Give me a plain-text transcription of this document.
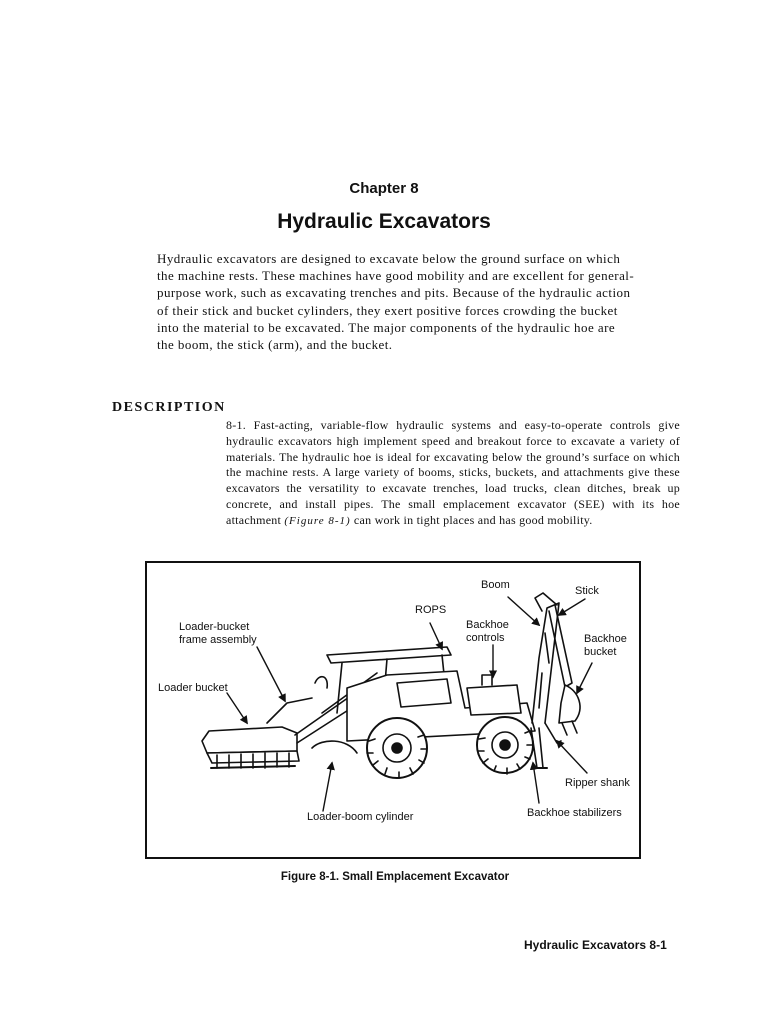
Chapter 8
Hydraulic Excavators

Hydraulic excavators are designed to excavate below the ground surface on which the machine rests. These machines have good mobility and are excellent for general-purpose work, such as excavating trenches and pits. Because of the hydraulic action of their stick and bucket cylinders, they exert positive forces crowding the bucket into the material to be excavated. The major components of the hydraulic hoe are the boom, the stick (arm), and the bucket.

DESCRIPTION

8-1. Fast-acting, variable-flow hydraulic systems and easy-to-operate controls give hydraulic excavators high implement speed and breakout force to excavate a variety of materials. The hydraulic hoe is ideal for excavating below the ground’s surface on which the machine rests. A large variety of booms, sticks, buckets, and attachments give these excavators the versatility to excavate trenches, load trucks, clean ditches, break up concrete, and install pipes. The small emplacement excavator (SEE) with its hoe attachment (Figure 8-1) can work in tight places and has good mobility.

Boom	Stick
ROPS
Loader-bucket
frame assembly
Backhoe
controls	Backhoe
bucket
Loader bucket
Ripper shank
Backhoe stabilizers
Loader-boom cylinder
Figure 8-1. Small Emplacement Excavator
Hydraulic Excavators 8-1
